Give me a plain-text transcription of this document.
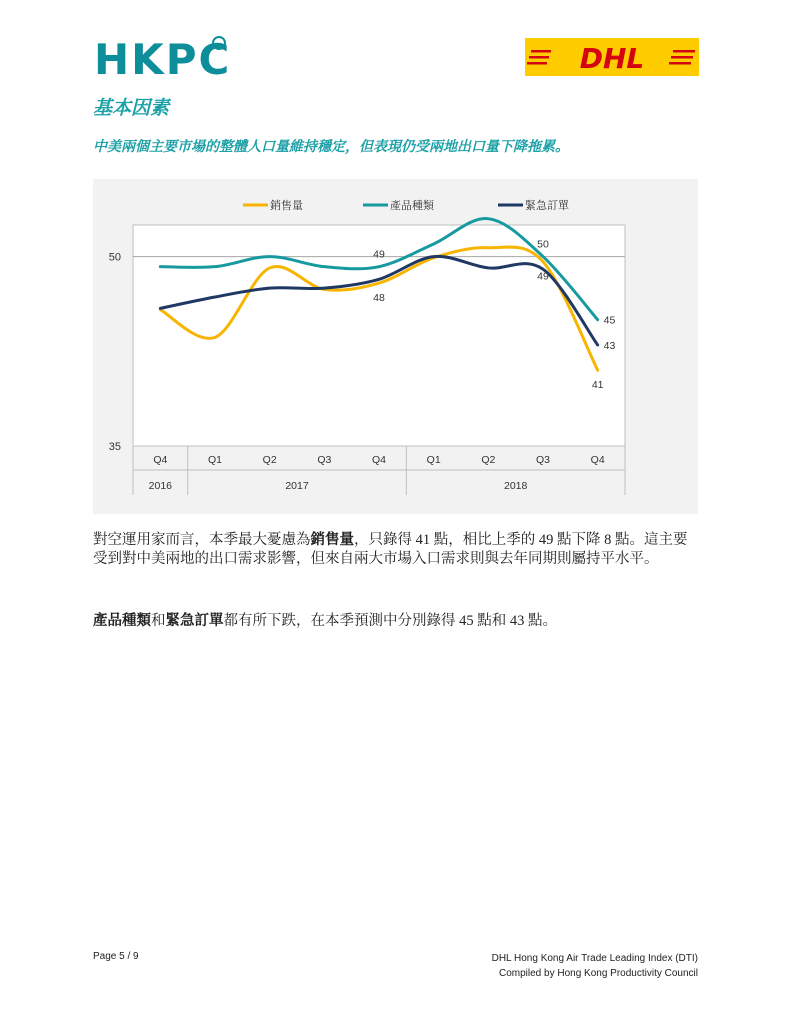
HKPC	DHL
基本因素
中美兩個主要市場的整體人口量維持穩定，但表現仍受兩地出口量下降拖累。
銷售量	產品種類	緊急訂單
50
35
49
48
50
49
45
43
41
Q4	Q1	Q2	Q3	Q4	Q1	Q2	Q3	Q4
2016	2017	2018
對空運用家而言，本季最大憂慮為銷售量，只錄得 41 點，相比上季的 49 點下降 8 點。這主要受到對中美兩地的出口需求影響，但來自兩大市場入口需求則與去年同期則屬持平水平。
產品種類和緊急訂單都有所下跌，在本季預測中分別錄得 45 點和 43 點。
Page 5 / 9	DHL Hong Kong Air Trade Leading Index (DTI)
Compiled by Hong Kong Productivity Council
